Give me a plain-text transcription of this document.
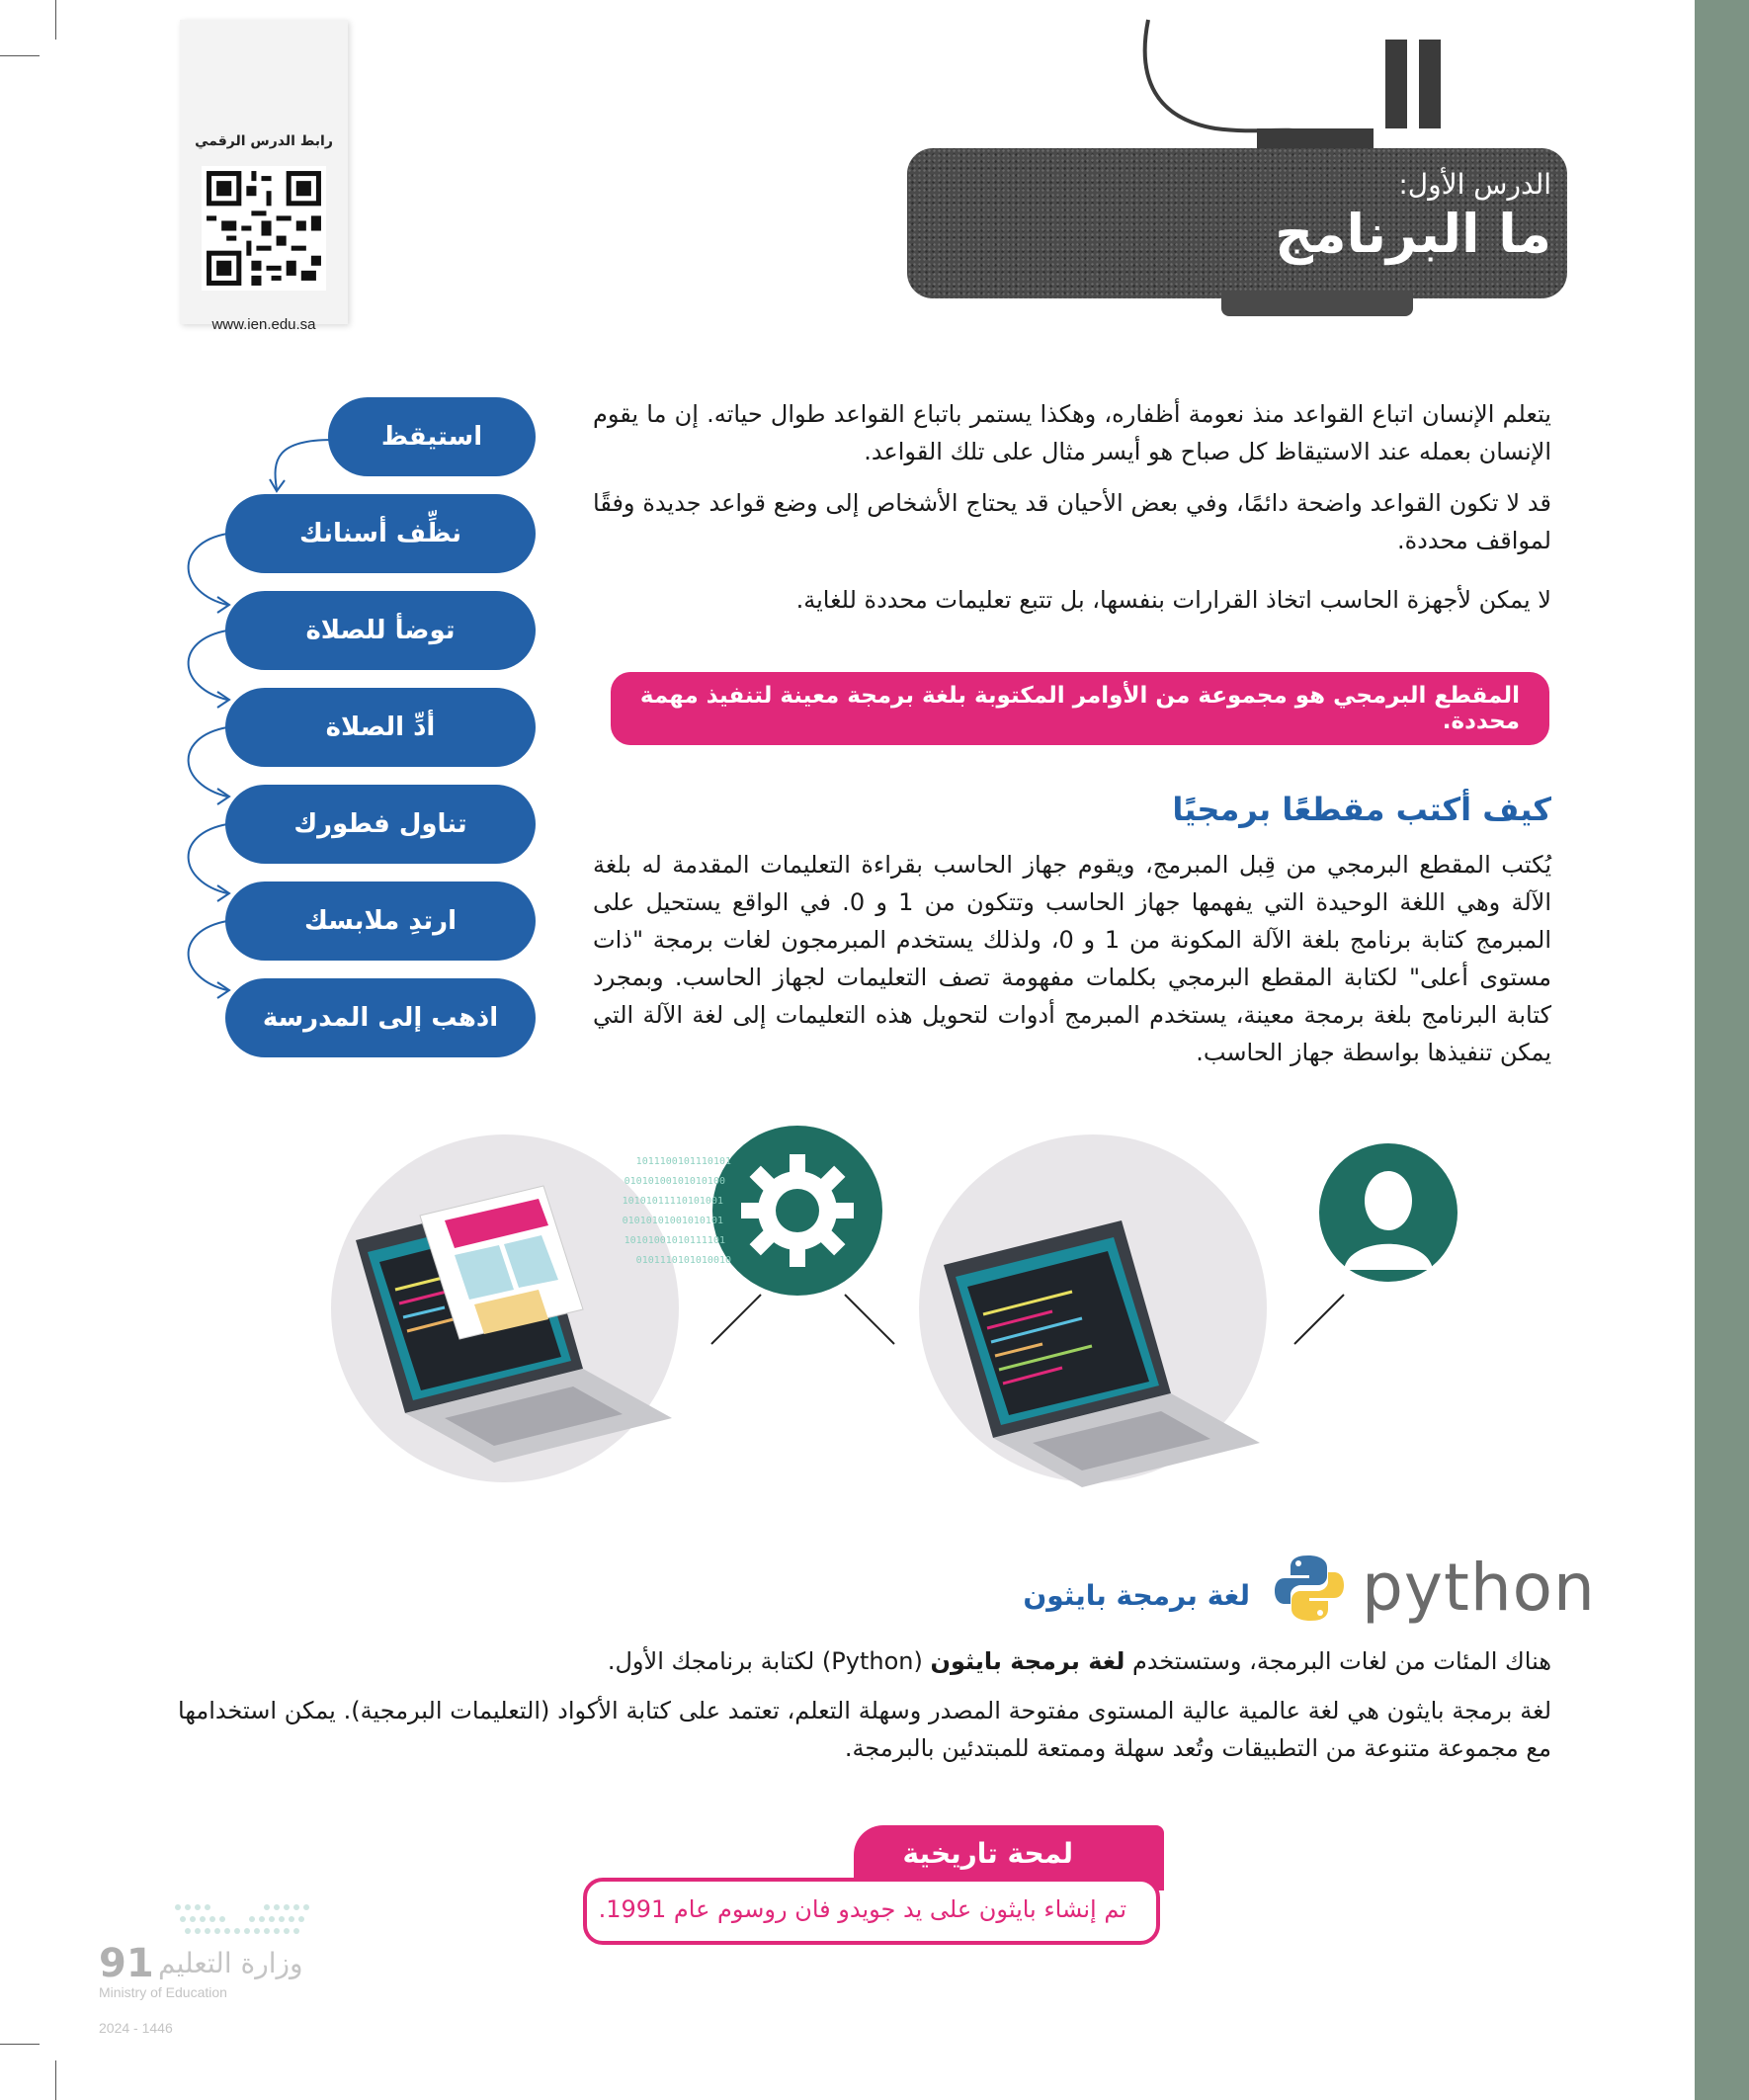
رابط الدرس الرقمي
www.ien.edu.sa
الدرس الأول:
ما البرنامج
يتعلم الإنسان اتباع القواعد منذ نعومة أظفاره، وهكذا يستمر باتباع القواعد طوال حياته. إن ما يقوم الإنسان بعمله عند الاستيقاظ كل صباح هو أيسر مثال على تلك القواعد.
قد لا تكون القواعد واضحة دائمًا، وفي بعض الأحيان قد يحتاج الأشخاص إلى وضع قواعد جديدة وفقًا لمواقف محددة.
لا يمكن لأجهزة الحاسب اتخاذ القرارات بنفسها، بل تتبع تعليمات محددة للغاية.
استيقظ
نظِّف أسنانك
توضأ للصلاة
أدِّ الصلاة
تناول فطورك
ارتدِ ملابسك
اذهب إلى المدرسة
المقطع البرمجي هو مجموعة من الأوامر المكتوبة بلغة برمجة معينة لتنفيذ مهمة محددة.
كيف أكتب مقطعًا برمجيًا
يُكتب المقطع البرمجي من قِبل المبرمج، ويقوم جهاز الحاسب بقراءة التعليمات المقدمة له بلغة الآلة وهي اللغة الوحيدة التي يفهمها جهاز الحاسب وتتكون من 1 و 0. في الواقع يستحيل على المبرمج كتابة برنامج بلغة الآلة المكونة من 1 و 0، ولذلك يستخدم المبرمجون لغات برمجة "ذات مستوى أعلى" لكتابة المقطع البرمجي بكلمات مفهومة تصف التعليمات لجهاز الحاسب. وبمجرد كتابة البرنامج بلغة برمجة معينة، يستخدم المبرمج أدوات لتحويل هذه التعليمات إلى لغة الآلة التي يمكن تنفيذها بواسطة جهاز الحاسب.
1011100101110101
01010100101010100
10101011110101001
01010101001010101
10101001010111101
0101110101010010
python
لغة برمجة بايثون
هناك المئات من لغات البرمجة، وستستخدم لغة برمجة بايثون (Python) لكتابة برنامجك الأول.
لغة برمجة بايثون هي لغة عالمية عالية المستوى مفتوحة المصدر وسهلة التعلم، تعتمد على كتابة الأكواد (التعليمات البرمجية). يمكن استخدامها مع مجموعة متنوعة من التطبيقات وتُعد سهلة وممتعة للمبتدئين بالبرمجة.
لمحة تاريخية
تم إنشاء بايثون على يد جويدو فان روسوم عام 1991.
91 وزارة التعليم
Ministry of Education
2024 - 1446
